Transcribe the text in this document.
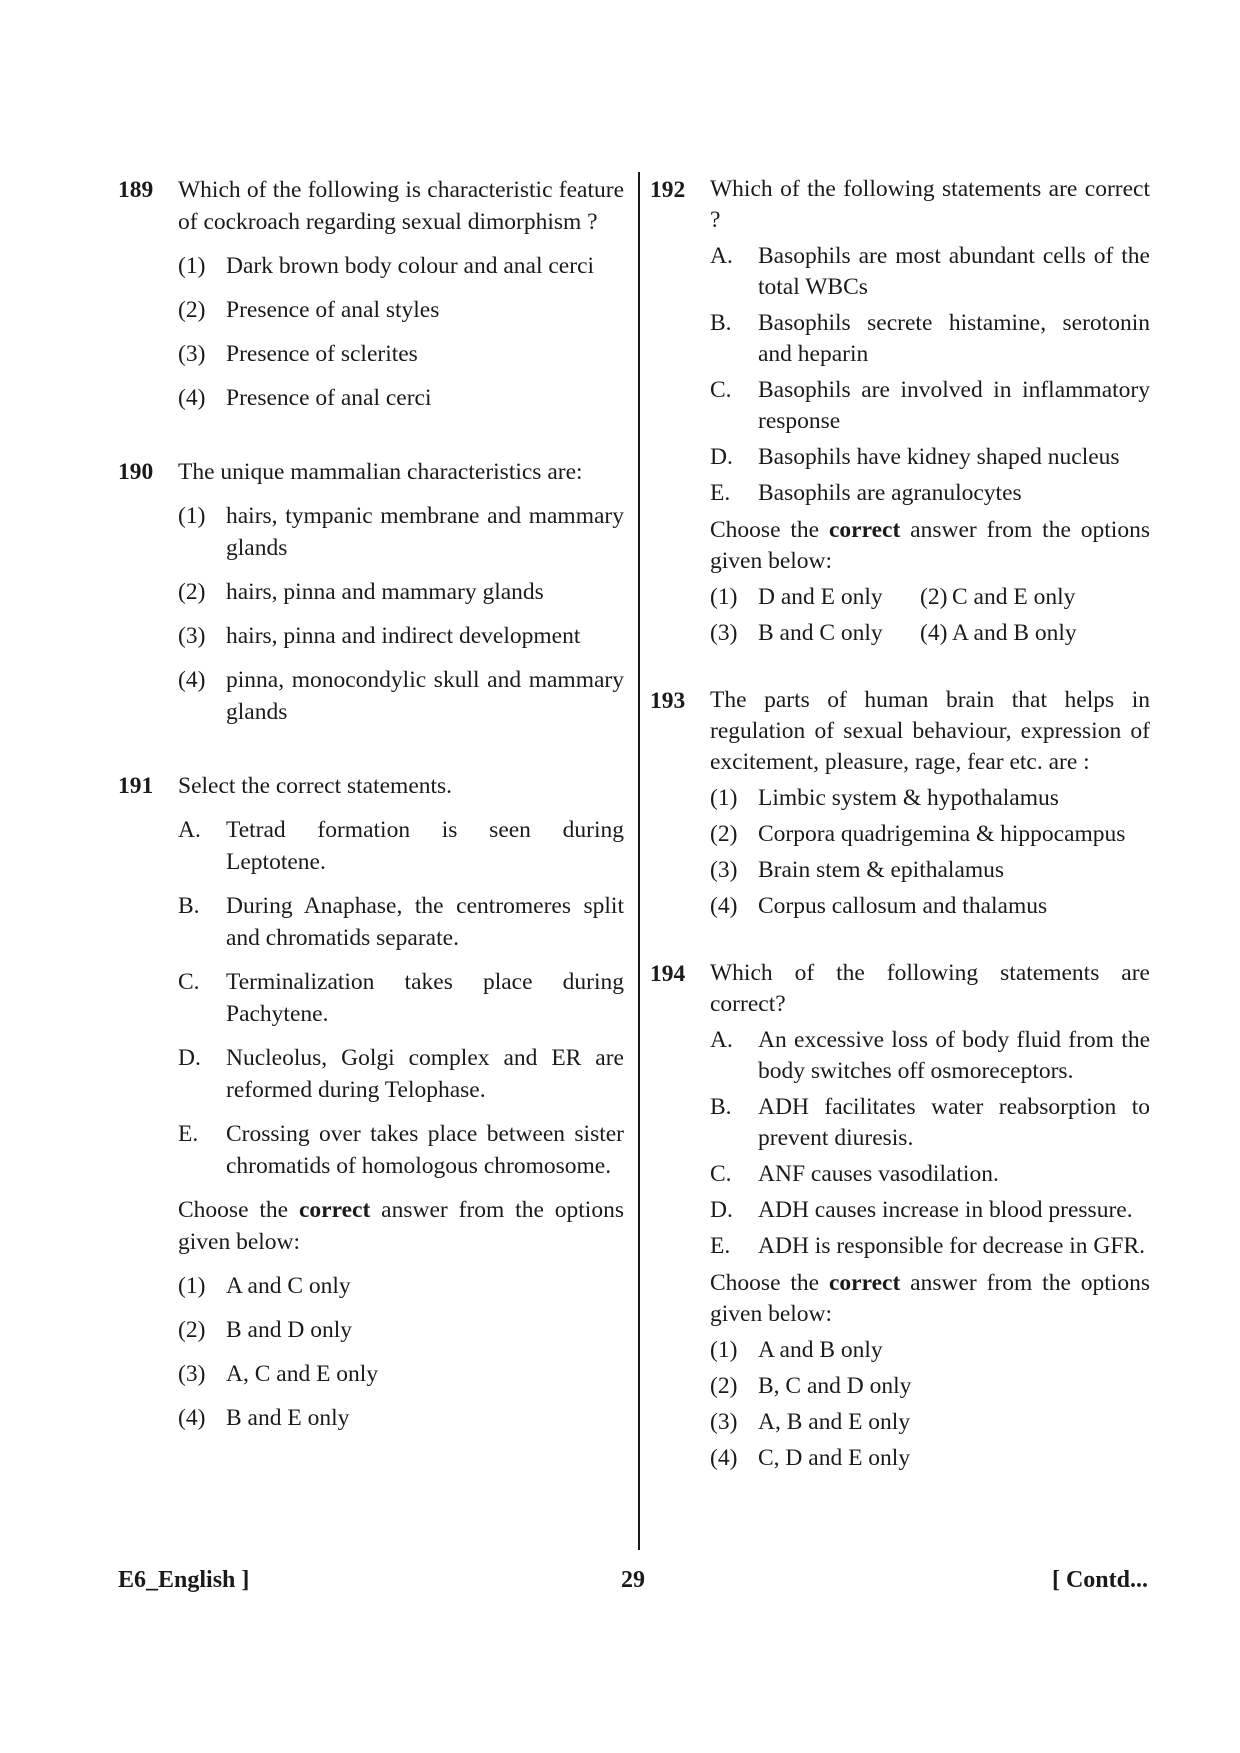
189 Which of the following is characteristic feature of cockroach regarding sexual dimorphism ?
(1) Dark brown body colour and anal cerci
(2) Presence of anal styles
(3) Presence of sclerites
(4) Presence of anal cerci
190 The unique mammalian characteristics are:
(1) hairs, tympanic membrane and mammary glands
(2) hairs, pinna and mammary glands
(3) hairs, pinna and indirect development
(4) pinna, monocondylic skull and mammary glands
191 Select the correct statements.
A.	Tetrad formation is seen during Leptotene.
B.	During Anaphase, the centromeres split and chromatids separate.
C.	Terminalization takes place during Pachytene.
D.	Nucleolus, Golgi complex and ER are reformed during Telophase.
E.	Crossing over takes place between sister chromatids of homologous chromosome.
Choose the correct answer from the options given below:
(1) A and C only
(2) B and D only
(3) A, C and E only
(4) B and E only
192 Which of the following statements are correct ?
A.	Basophils are most abundant cells of the total WBCs
B.	Basophils secrete histamine, serotonin and heparin
C.	Basophils are involved in inflammatory response
D.	Basophils have kidney shaped nucleus
E.	Basophils are agranulocytes
Choose the correct answer from the options given below:
(1) D and E only (2) C and E only
(3) B and C only (4) A and B only
193 The parts of human brain that helps in regulation of sexual behaviour, expression of excitement, pleasure, rage, fear etc. are :
(1) Limbic system & hypothalamus
(2) Corpora quadrigemina & hippocampus
(3) Brain stem & epithalamus
(4) Corpus callosum and thalamus
194 Which of the following statements are correct?
A.	An excessive loss of body fluid from the body switches off osmoreceptors.
B.	ADH facilitates water reabsorption to prevent diuresis.
C.	ANF causes vasodilation.
D.	ADH causes increase in blood pressure.
E.	ADH is responsible for decrease in GFR.
Choose the correct answer from the options given below:
(1) A and B only
(2) B, C and D only
(3) A, B and E only
(4) C, D and E only
E6_English ]	29	[ Contd...
